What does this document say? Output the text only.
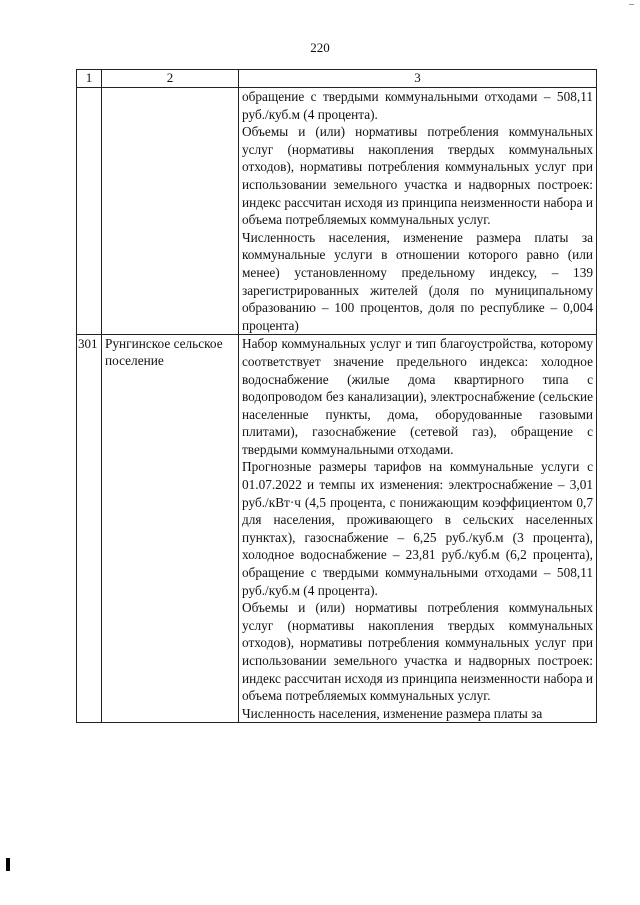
220
1	2	3

		обращение с твердыми коммунальными отходами – 508,11 руб./куб.м (4 процента).

Объемы и (или) нормативы потребления коммунальных услуг (нормативы накопления твердых коммунальных отходов), нормативы потребления коммунальных услуг при использовании земельного участка и надворных построек: индекс рассчитан исходя из принципа неизменности набора и объема потребляемых коммунальных услуг.

Численность населения, изменение размера платы за коммунальные услуги в отношении которого равно (или менее) установленному предельному индексу, – 139 зарегистрированных жителей (доля по муниципальному образованию – 100 процентов, доля по республике – 0,004 процента)

301	Рунгинское сельское поселение	Набор коммунальных услуг и тип благоустройства, которому соответствует значение предельного индекса: холодное водоснабжение (жилые дома квартирного типа с водопроводом без канализации), электроснабжение (сельские населенные пункты, дома, оборудованные газовыми плитами), газоснабжение (сетевой газ), обращение с твердыми коммунальными отходами.

Прогнозные размеры тарифов на коммунальные услуги с 01.07.2022 и темпы их изменения: электроснабжение – 3,01 руб./кВт·ч (4,5 процента, с понижающим коэффициентом 0,7 для населения, проживающего в сельских населенных пунктах), газоснабжение – 6,25 руб./куб.м (3 процента), холодное водоснабжение – 23,81 руб./куб.м (6,2 процента), обращение с твердыми коммунальными отходами – 508,11 руб./куб.м (4 процента).

Объемы и (или) нормативы потребления коммунальных услуг (нормативы накопления твердых коммунальных отходов), нормативы потребления коммунальных услуг при использовании земельного участка и надворных построек: индекс рассчитан исходя из принципа неизменности набора и объема потребляемых коммунальных услуг.

Численность населения, изменение размера платы за
